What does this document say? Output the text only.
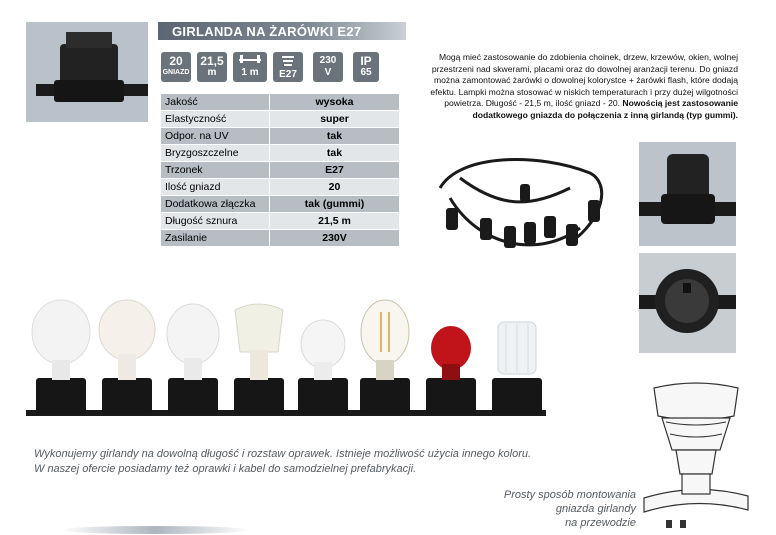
GIRLANDA NA ŻARÓWKI E27
20
GNIAZD
21,5
m	1 m	E27
230
V
IP
65
Jakość	wysoka
Elastyczność	super
Odpor. na UV	tak
Bryzgoszczelne	tak
Trzonek	E27
Ilość gniazd	20
Dodatkowa złączka	tak (gummi)
Długość sznura	21,5 m
Zasilanie	230V
Mogą mieć zastosowanie do zdobienia choinek, drzew, krzewów, okien, wolnej przestrzeni nad skwerami, placami oraz do dowolnej aranżacji terenu. Do gniazd można zamontować żarówki o dowolnej kolorystce + żarówki flash, które dodają efektu. Lampki można stosować w niskich temperaturach i przy dużej wilgotności powietrza. Długość - 21,5 m, ilość gniazd - 20. Nowością jest zastosowanie dodatkowego gniazda do połączenia z inną girlandą (typ gummi).
Wykonujemy girlandy na dowolną długość i rozstaw oprawek. Istnieje możliwość użycia innego koloru.
W naszej ofercie posiadamy też oprawki i kabel do samodzielnej prefabrykacji.
Prosty sposób montowania
gniazda girlandy
na przewodzie
